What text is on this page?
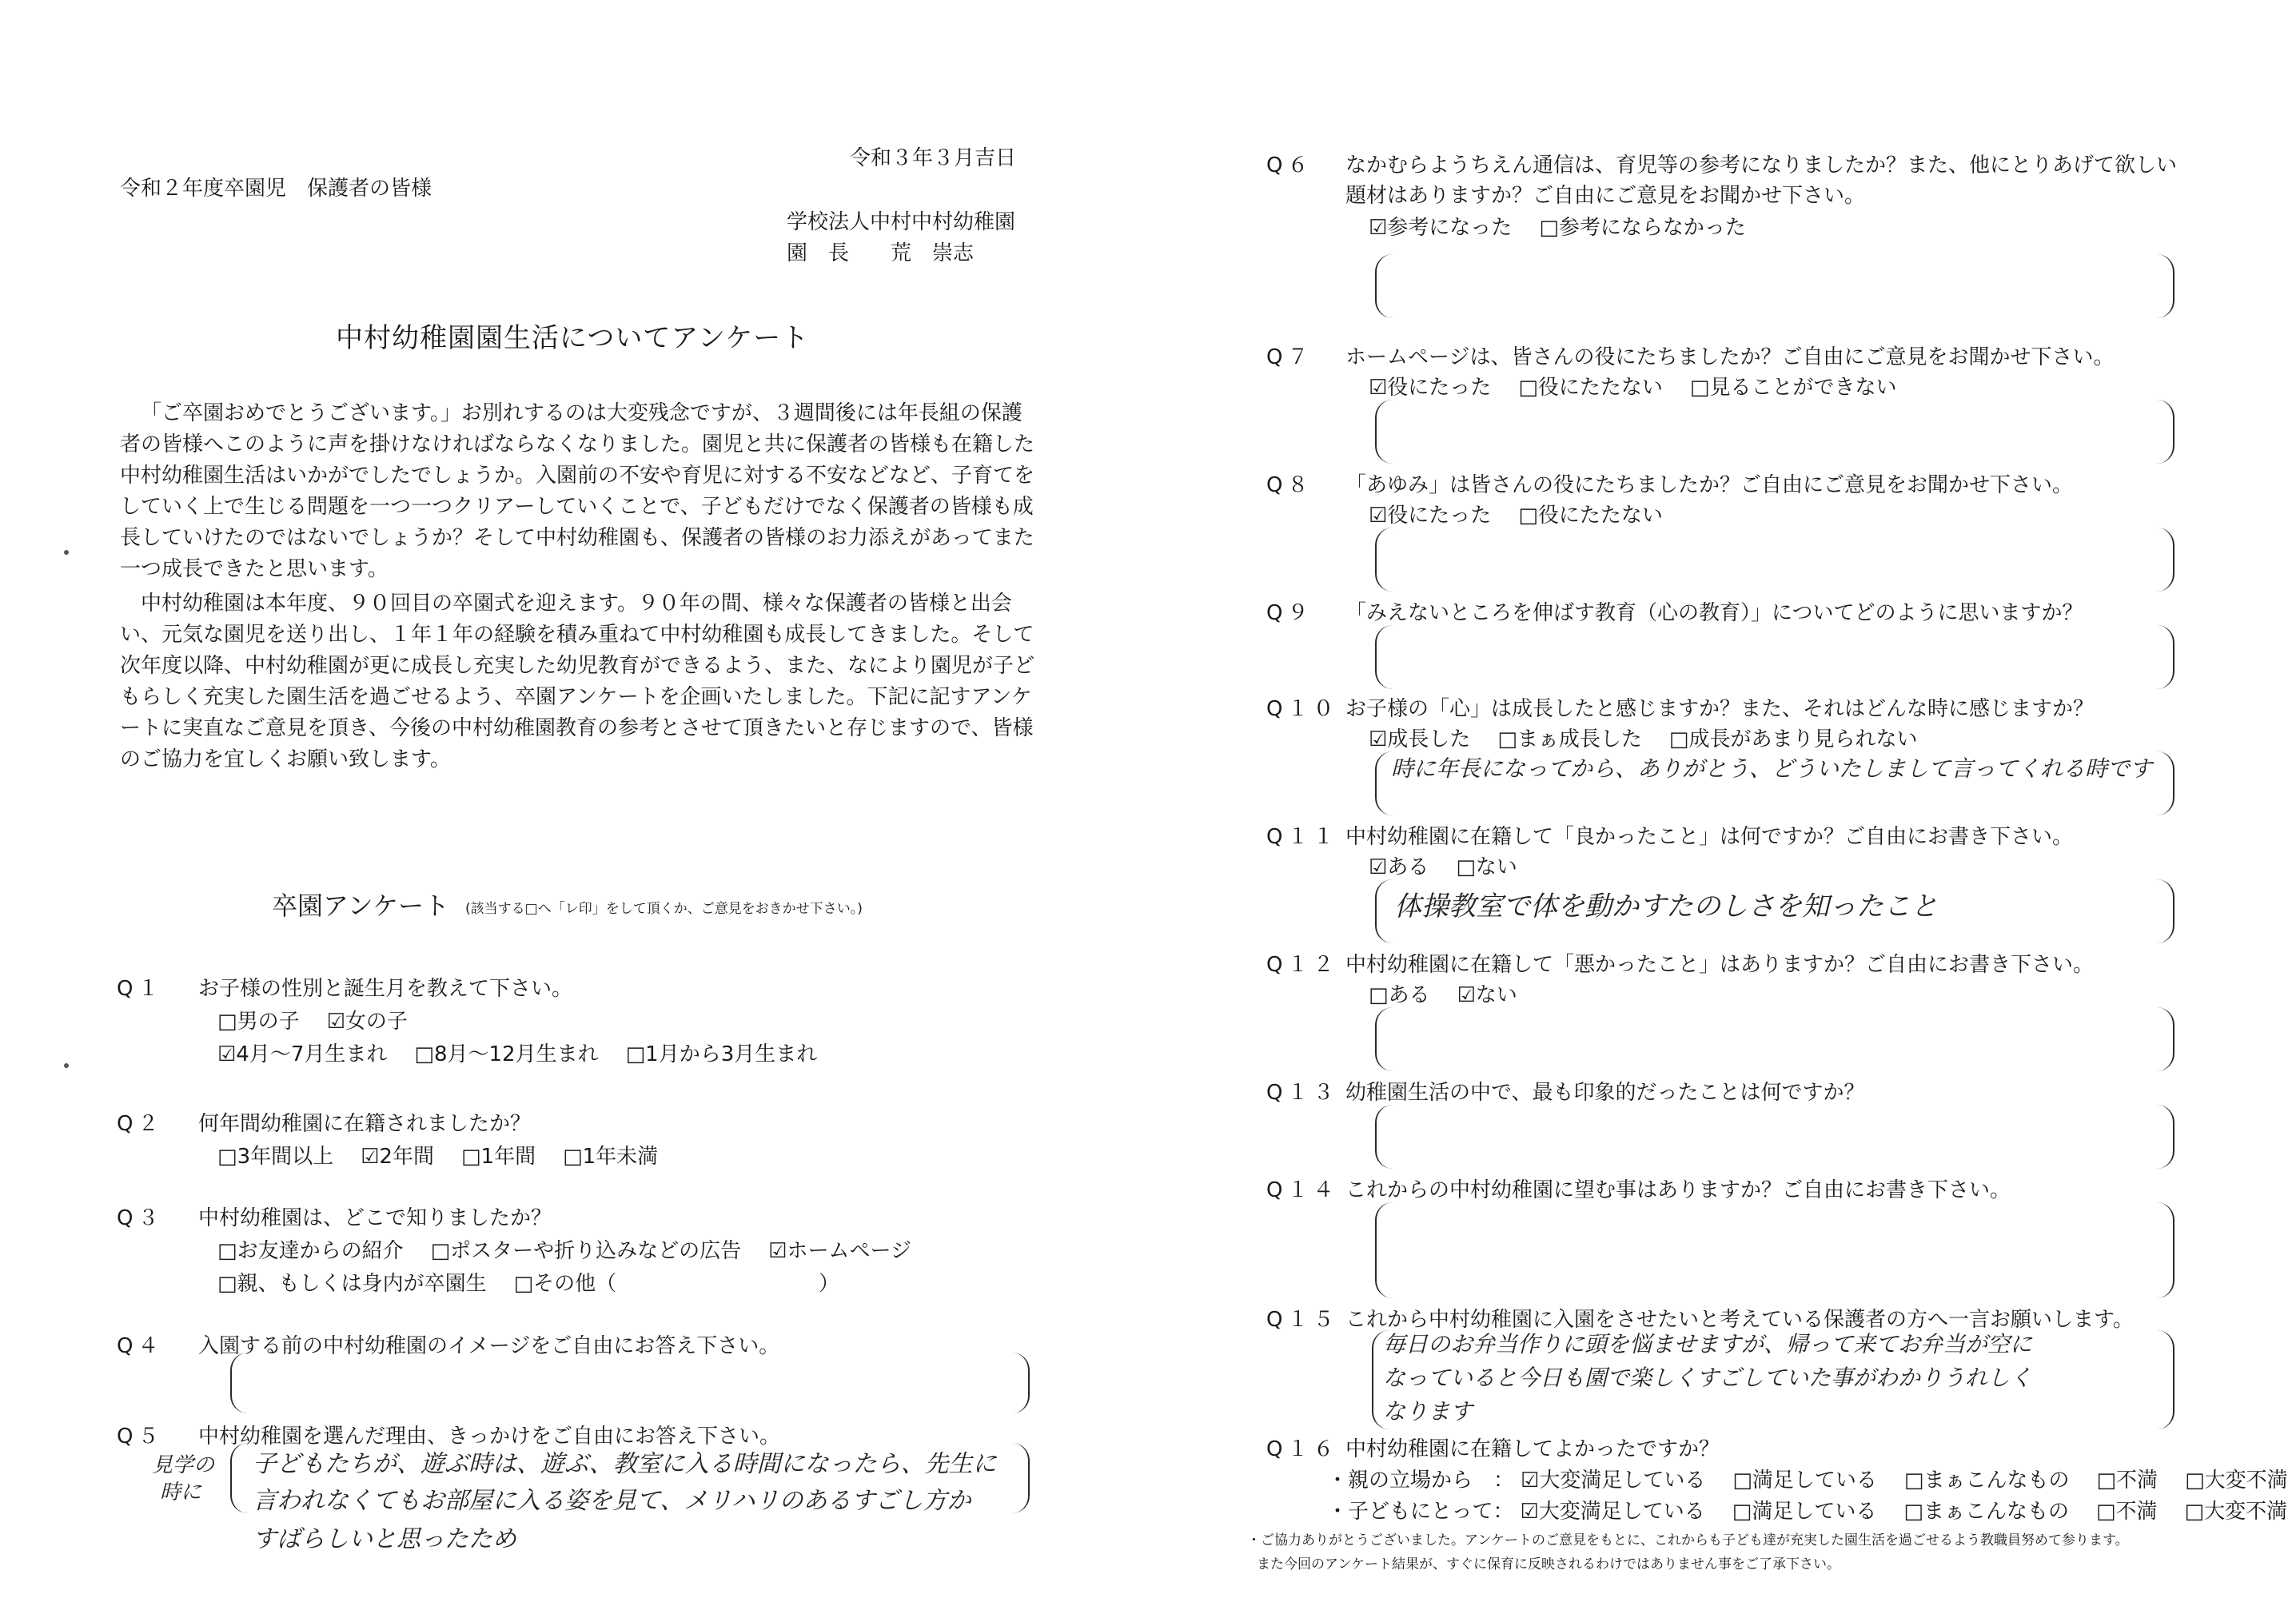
令和３年３月吉日
令和２年度卒園児　保護者の皆様
学校法人中村中村幼稚園
園　長　　荒　崇志
中村幼稚園園生活についてアンケート
「ご卒園おめでとうございます。」お別れするのは大変残念ですが、３週間後には年長組の保護者の皆様へこのように声を掛けなければならなくなりました。園児と共に保護者の皆様も在籍した中村幼稚園生活はいかがでしたでしょうか。入園前の不安や育児に対する不安などなど、子育てをしていく上で生じる問題を一つ一つクリアーしていくことで、子どもだけでなく保護者の皆様も成長していけたのではないでしょうか？そして中村幼稚園も、保護者の皆様のお力添えがあってまた一つ成長できたと思います。
中村幼稚園は本年度、９０回目の卒園式を迎えます。９０年の間、様々な保護者の皆様と出会い、元気な園児を送り出し、１年１年の経験を積み重ねて中村幼稚園も成長してきました。そして次年度以降、中村幼稚園が更に成長し充実した幼児教育ができるよう、また、なにより園児が子どもらしく充実した園生活を過ごせるよう、卒園アンケートを企画いたしました。下記に記すアンケートに実直なご意見を頂き、今後の中村幼稚園教育の参考とさせて頂きたいと存じますので、皆様のご協力を宜しくお願い致します。
卒園アンケート (該当する□へ「レ印」をして頂くか、ご意見をおきかせ下さい。)
Q１ お子様の性別と誕生月を教えて下さい。
□男の子 ☑女の子
☑4月～7月生まれ □8月～12月生まれ □1月から3月生まれ
Q２ 何年間幼稚園に在籍されましたか？
□3年間以上 ☑2年間 □1年間 □1年未満
Q３ 中村幼稚園は、どこで知りましたか？
□お友達からの紹介 □ポスターや折り込みなどの広告 ☑ホームページ
□親、もしくは身内が卒園生 □その他（	）
Q４ 入園する前の中村幼稚園のイメージをご自由にお答え下さい。
Q５ 中村幼稚園を選んだ理由、きっかけをご自由にお答え下さい。
見学の
時に
子どもたちが、遊ぶ時は、遊ぶ、教室に入る時間になったら、先生に
言われなくてもお部屋に入る姿を見て、メリハリのあるすごし方か
すばらしいと思ったため
Q６ なかむらようちえん通信は、育児等の参考になりましたか？また、他にとりあげて欲しい
題材はありますか？ご自由にご意見をお聞かせ下さい。
☑参考になった □参考にならなかった
Q７ ホームページは、皆さんの役にたちましたか？ご自由にご意見をお聞かせ下さい。
☑役にたった □役にたたない □見ることができない
Q８ 「あゆみ」は皆さんの役にたちましたか？ご自由にご意見をお聞かせ下さい。
☑役にたった □役にたたない
Q９ 「みえないところを伸ばす教育（心の教育）」についてどのように思いますか？
Q１０ お子様の「心」は成長したと感じますか？また、それはどんな時に感じますか？
☑成長した □まぁ成長した □成長があまり見られない
時に年長になってから、ありがとう、どういたしまして言ってくれる時です
Q１１ 中村幼稚園に在籍して「良かったこと」は何ですか？ご自由にお書き下さい。
☑ある □ない
体操教室で体を動かすたのしさを知ったこと
Q１２ 中村幼稚園に在籍して「悪かったこと」はありますか？ご自由にお書き下さい。
□ある ☑ない
Q１３ 幼稚園生活の中で、最も印象的だったことは何ですか？
Q１４ これからの中村幼稚園に望む事はありますか？ご自由にお書き下さい。
Q１５ これから中村幼稚園に入園をさせたいと考えている保護者の方へ一言お願いします。
毎日のお弁当作りに頭を悩ませますが、帰って来てお弁当が空に
なっていると今日も園で楽しくすごしていた事がわかりうれしく
なります
Q１６ 中村幼稚園に在籍してよかったですか？
・親の立場から　： ☑大変満足している □満足している □まぁこんなもの □不満 □大変不満
・子どもにとって： ☑大変満足している □満足している □まぁこんなもの □不満 □大変不満
・ご協力ありがとうございました。アンケートのご意見をもとに、これからも子ども達が充実した園生活を過ごせるよう教職員努めて参ります。
また今回のアンケート結果が、すぐに保育に反映されるわけではありません事をご了承下さい。
